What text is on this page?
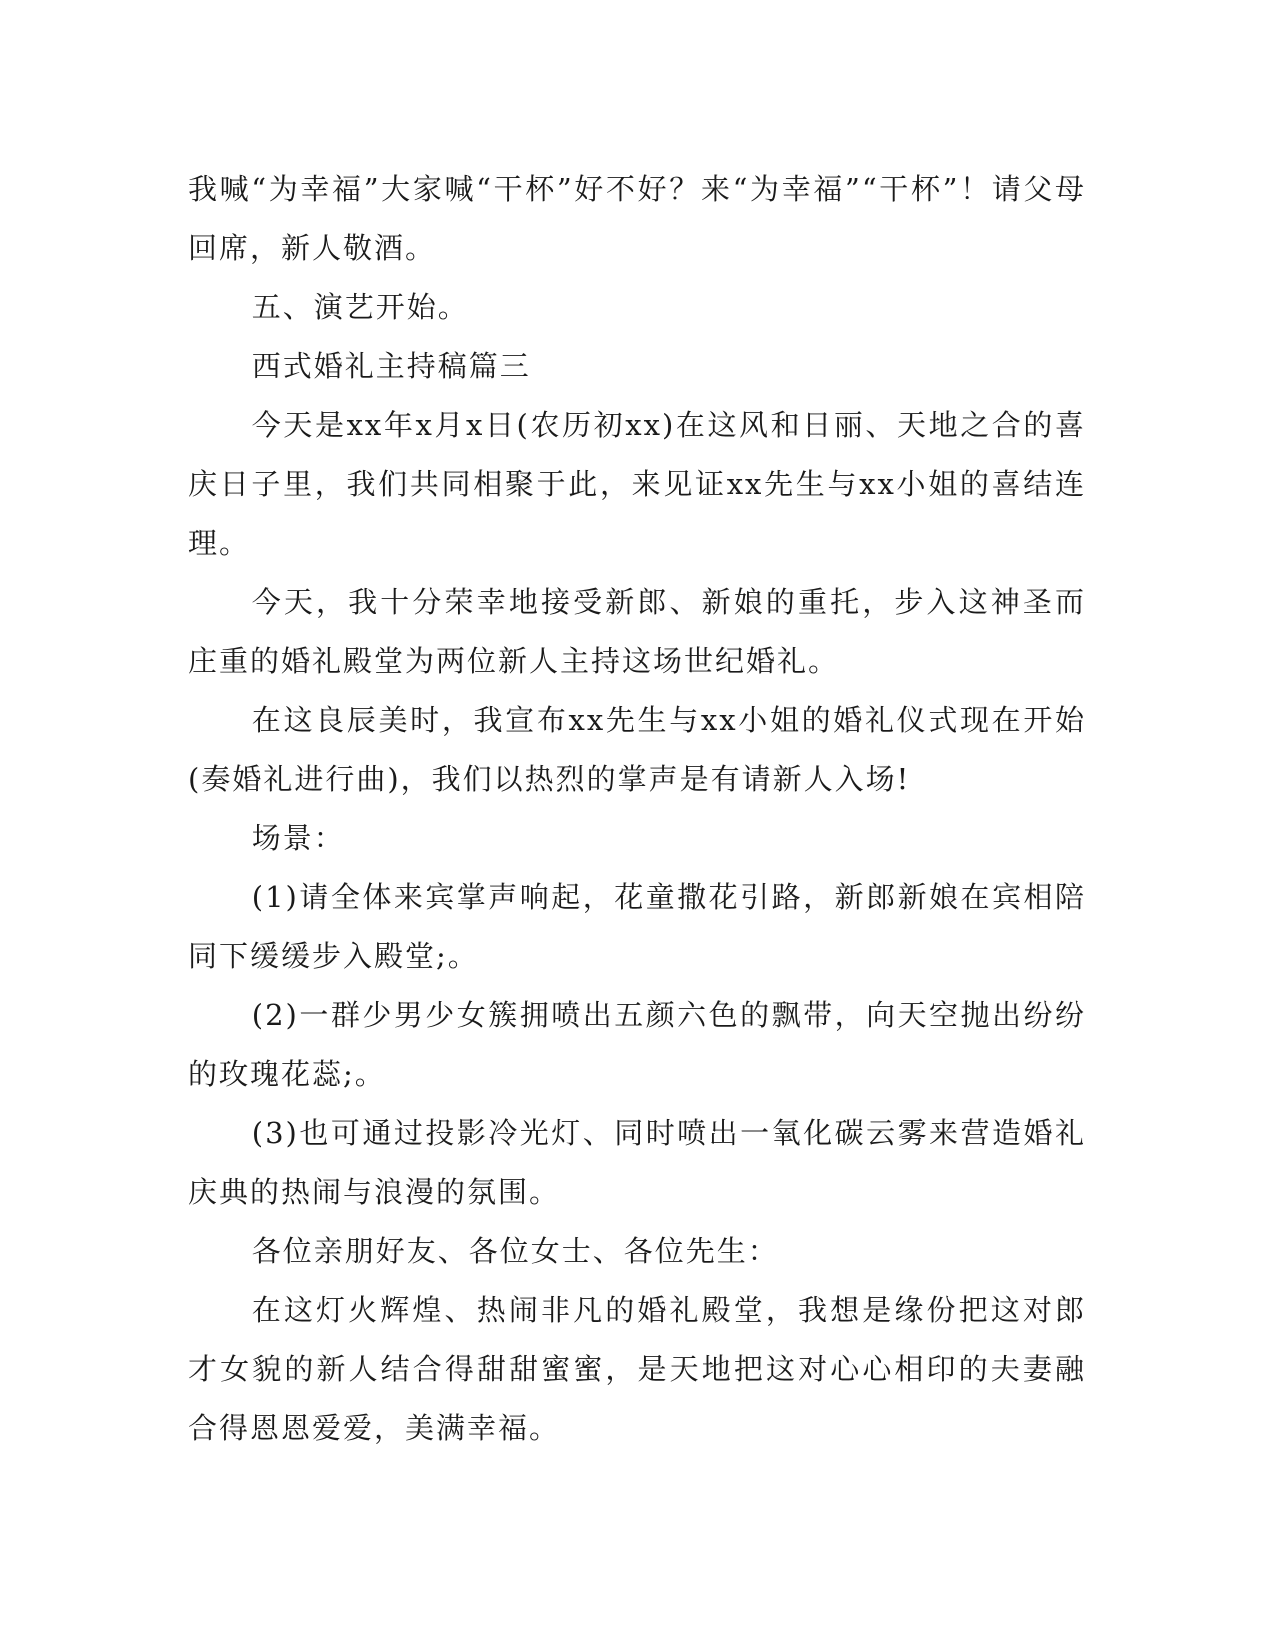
我喊“为幸福”大家喊“干杯”好不好？来“为幸福”“干杯”！请父母回席，新人敬酒。

五、演艺开始。

西式婚礼主持稿篇三

今天是xx年x月x日(农历初xx)在这风和日丽、天地之合的喜庆日子里，我们共同相聚于此，来见证xx先生与xx小姐的喜结连理。

今天，我十分荣幸地接受新郎、新娘的重托，步入这神圣而庄重的婚礼殿堂为两位新人主持这场世纪婚礼。

在这良辰美时，我宣布xx先生与xx小姐的婚礼仪式现在开始(奏婚礼进行曲)，我们以热烈的掌声是有请新人入场!

场景：

(1)请全体来宾掌声响起，花童撒花引路，新郎新娘在宾相陪同下缓缓步入殿堂;。

(2)一群少男少女簇拥喷出五颜六色的飘带，向天空抛出纷纷的玫瑰花蕊;。

(3)也可通过投影冷光灯、同时喷出一氧化碳云雾来营造婚礼庆典的热闹与浪漫的氛围。

各位亲朋好友、各位女士、各位先生：

在这灯火辉煌、热闹非凡的婚礼殿堂，我想是缘份把这对郎才女貌的新人结合得甜甜蜜蜜，是天地把这对心心相印的夫妻融合得恩恩爱爱，美满幸福。
